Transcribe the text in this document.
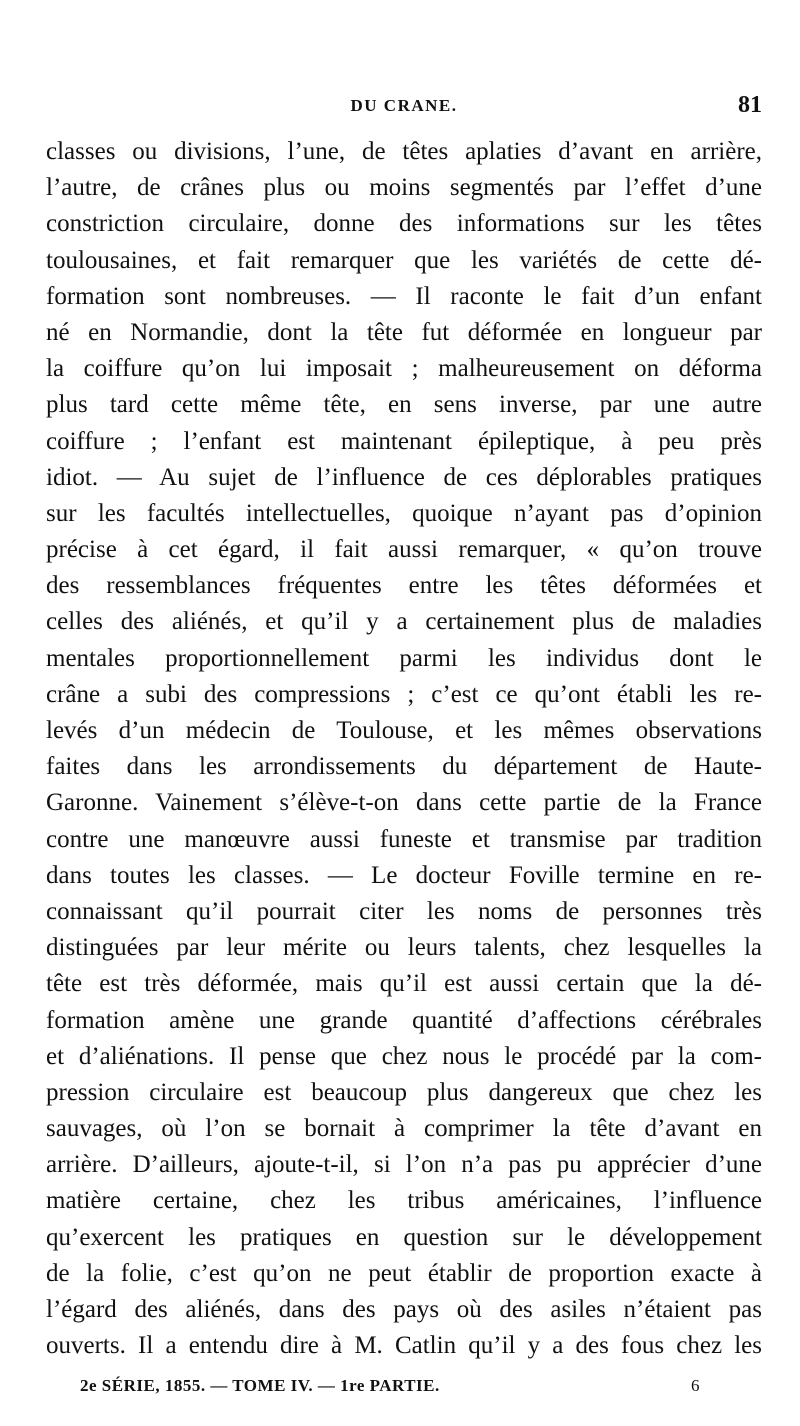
DU CRANE.	81
classes ou divisions, l’une, de têtes aplaties d’avant en arrière,
l’autre, de crânes plus ou moins segmentés par l’effet d’une
constriction circulaire, donne des informations sur les têtes
toulousaines, et fait remarquer que les variétés de cette dé-
formation sont nombreuses. — Il raconte le fait d’un enfant
né en Normandie, dont la tête fut déformée en longueur par
la coiffure qu’on lui imposait ; malheureusement on déforma
plus tard cette même tête, en sens inverse, par une autre
coiffure ; l’enfant est maintenant épileptique, à peu près
idiot. — Au sujet de l’influence de ces déplorables pratiques
sur les facultés intellectuelles, quoique n’ayant pas d’opinion
précise à cet égard, il fait aussi remarquer, « qu’on trouve
des ressemblances fréquentes entre les têtes déformées et
celles des aliénés, et qu’il y a certainement plus de maladies
mentales proportionnellement parmi les individus dont le
crâne a subi des compressions ; c’est ce qu’ont établi les re-
levés d’un médecin de Toulouse, et les mêmes observations
faites dans les arrondissements du département de Haute-
Garonne. Vainement s’élève-t-on dans cette partie de la France
contre une manœuvre aussi funeste et transmise par tradition
dans toutes les classes. — Le docteur Foville termine en re-
connaissant qu’il pourrait citer les noms de personnes très
distinguées par leur mérite ou leurs talents, chez lesquelles la
tête est très déformée, mais qu’il est aussi certain que la dé-
formation amène une grande quantité d’affections cérébrales
et d’aliénations. Il pense que chez nous le procédé par la com-
pression circulaire est beaucoup plus dangereux que chez les
sauvages, où l’on se bornait à comprimer la tête d’avant en
arrière. D’ailleurs, ajoute-t-il, si l’on n’a pas pu apprécier d’une
matière certaine, chez les tribus américaines, l’influence
qu’exercent les pratiques en question sur le développement
de la folie, c’est qu’on ne peut établir de proportion exacte à
l’égard des aliénés, dans des pays où des asiles n’étaient pas
ouverts. Il a entendu dire à M. Catlin qu’il y a des fous chez les
2e SÉRIE, 1855. — TOME IV. — 1re PARTIE.	6
